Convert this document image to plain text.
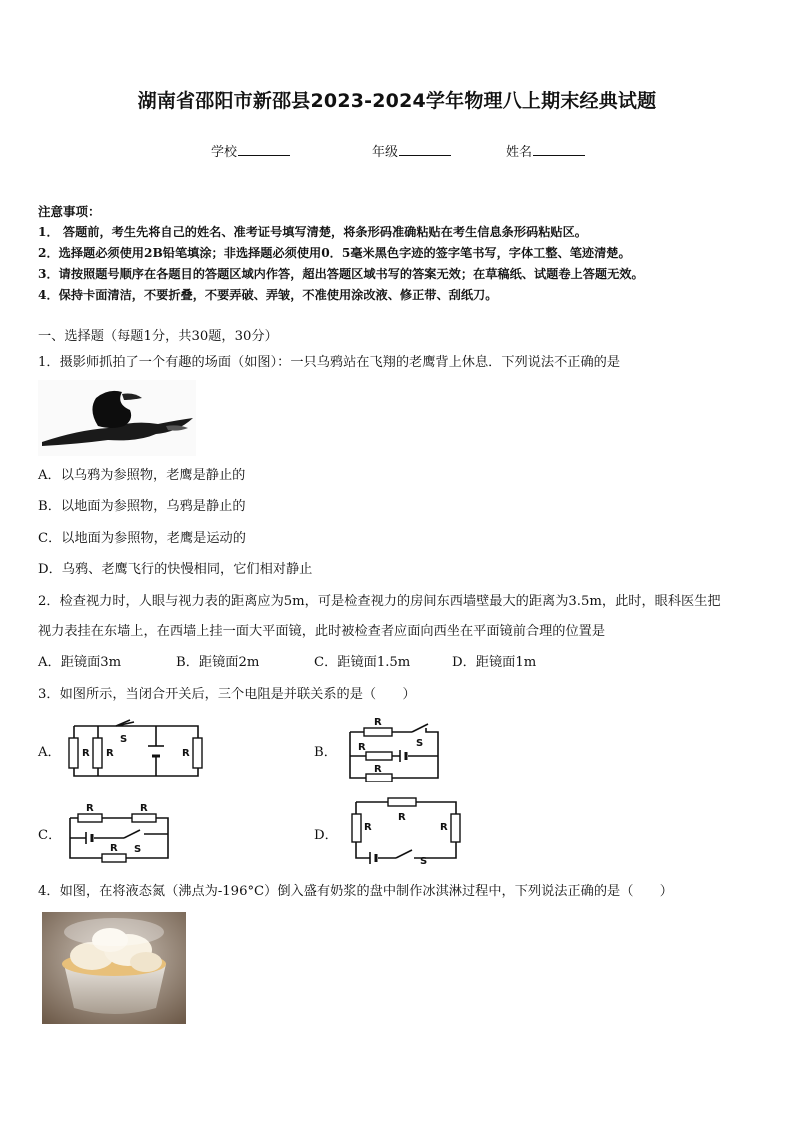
湖南省邵阳市新邵县2023-2024学年物理八上期末经典试题
学校	年级	姓名
注意事项：
1． 答题前，考生先将自己的姓名、准考证号填写清楚，将条形码准确粘贴在考生信息条形码粘贴区。
2．选择题必须使用2B铅笔填涂；非选择题必须使用0．5毫米黑色字迹的签字笔书写，字体工整、笔迹清楚。
3．请按照题号顺序在各题目的答题区域内作答，超出答题区域书写的答案无效；在草稿纸、试题卷上答题无效。
4．保持卡面清洁，不要折叠，不要弄破、弄皱，不准使用涂改液、修正带、刮纸刀。
一、选择题（每题1分，共30题，30分）
1．摄影师抓拍了一个有趣的场面（如图）：一只乌鸦站在飞翔的老鹰背上休息．下列说法不正确的是
A．以乌鸦为参照物，老鹰是静止的
B．以地面为参照物，乌鸦是静止的
C．以地面为参照物，老鹰是运动的
D．乌鸦、老鹰飞行的快慢相同，它们相对静止
2．检查视力时，人眼与视力表的距离应为5m，可是检查视力的房间东西墙壁最大的距离为3.5m，此时，眼科医生把
视力表挂在东墙上，在西墙上挂一面大平面镜，此时被检查者应面向西坐在平面镜前合理的位置是
A．距镜面3m	B．距镜面2m	C．距镜面1.5m	D．距镜面1m
3．如图所示，当闭合开关后，三个电阻是并联关系的是（　　）
A． R R	R
S
B．
R
R
R
S
C．
R	R
R S
D．
R
R	R
S
4．如图，在将液态氮（沸点为-196°C）倒入盛有奶浆的盘中制作冰淇淋过程中，下列说法正确的是（　　）
